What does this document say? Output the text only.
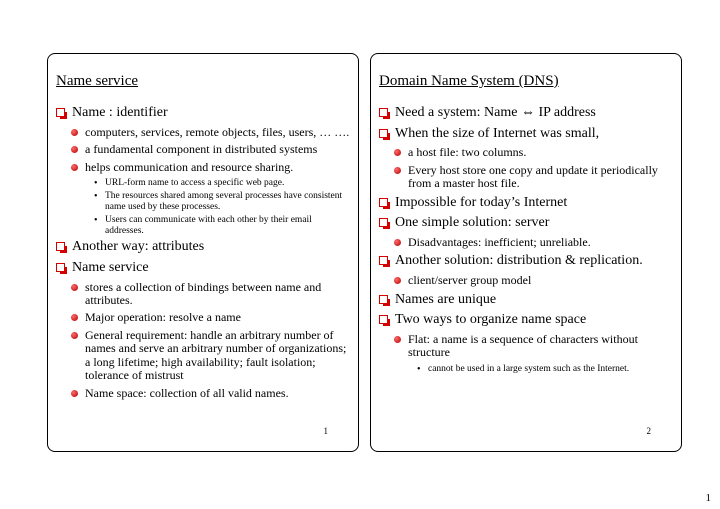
Name service
Name : identifier
computers, services, remote objects, files, users, … ….
a fundamental component in distributed systems
helps communication and resource sharing.
• URL-form name to access a specific web page.
• The resources shared among several processes have consistent name used by these processes.
• Users can communicate with each other by their email addresses.
Another way: attributes
Name service
stores a collection of bindings between name and attributes.
Major operation: resolve a name
General requirement: handle an arbitrary number of names and serve an arbitrary number of organizations; a long lifetime; high availability; fault isolation; tolerance of mistrust
Name space: collection of all valid names.
1
Domain Name System (DNS)
Need a system: Name ⇔ IP address
When the size of Internet was small,
a host file: two columns.
Every host store one copy and update it periodically from a master host file.
Impossible for today’s Internet
One simple solution: server
Disadvantages: inefficient; unreliable.
Another solution: distribution & replication.
client/server group model
Names are unique
Two ways to organize name space
Flat: a name is a sequence of characters without structure
• cannot be used in a large system such as the Internet.
2
1
